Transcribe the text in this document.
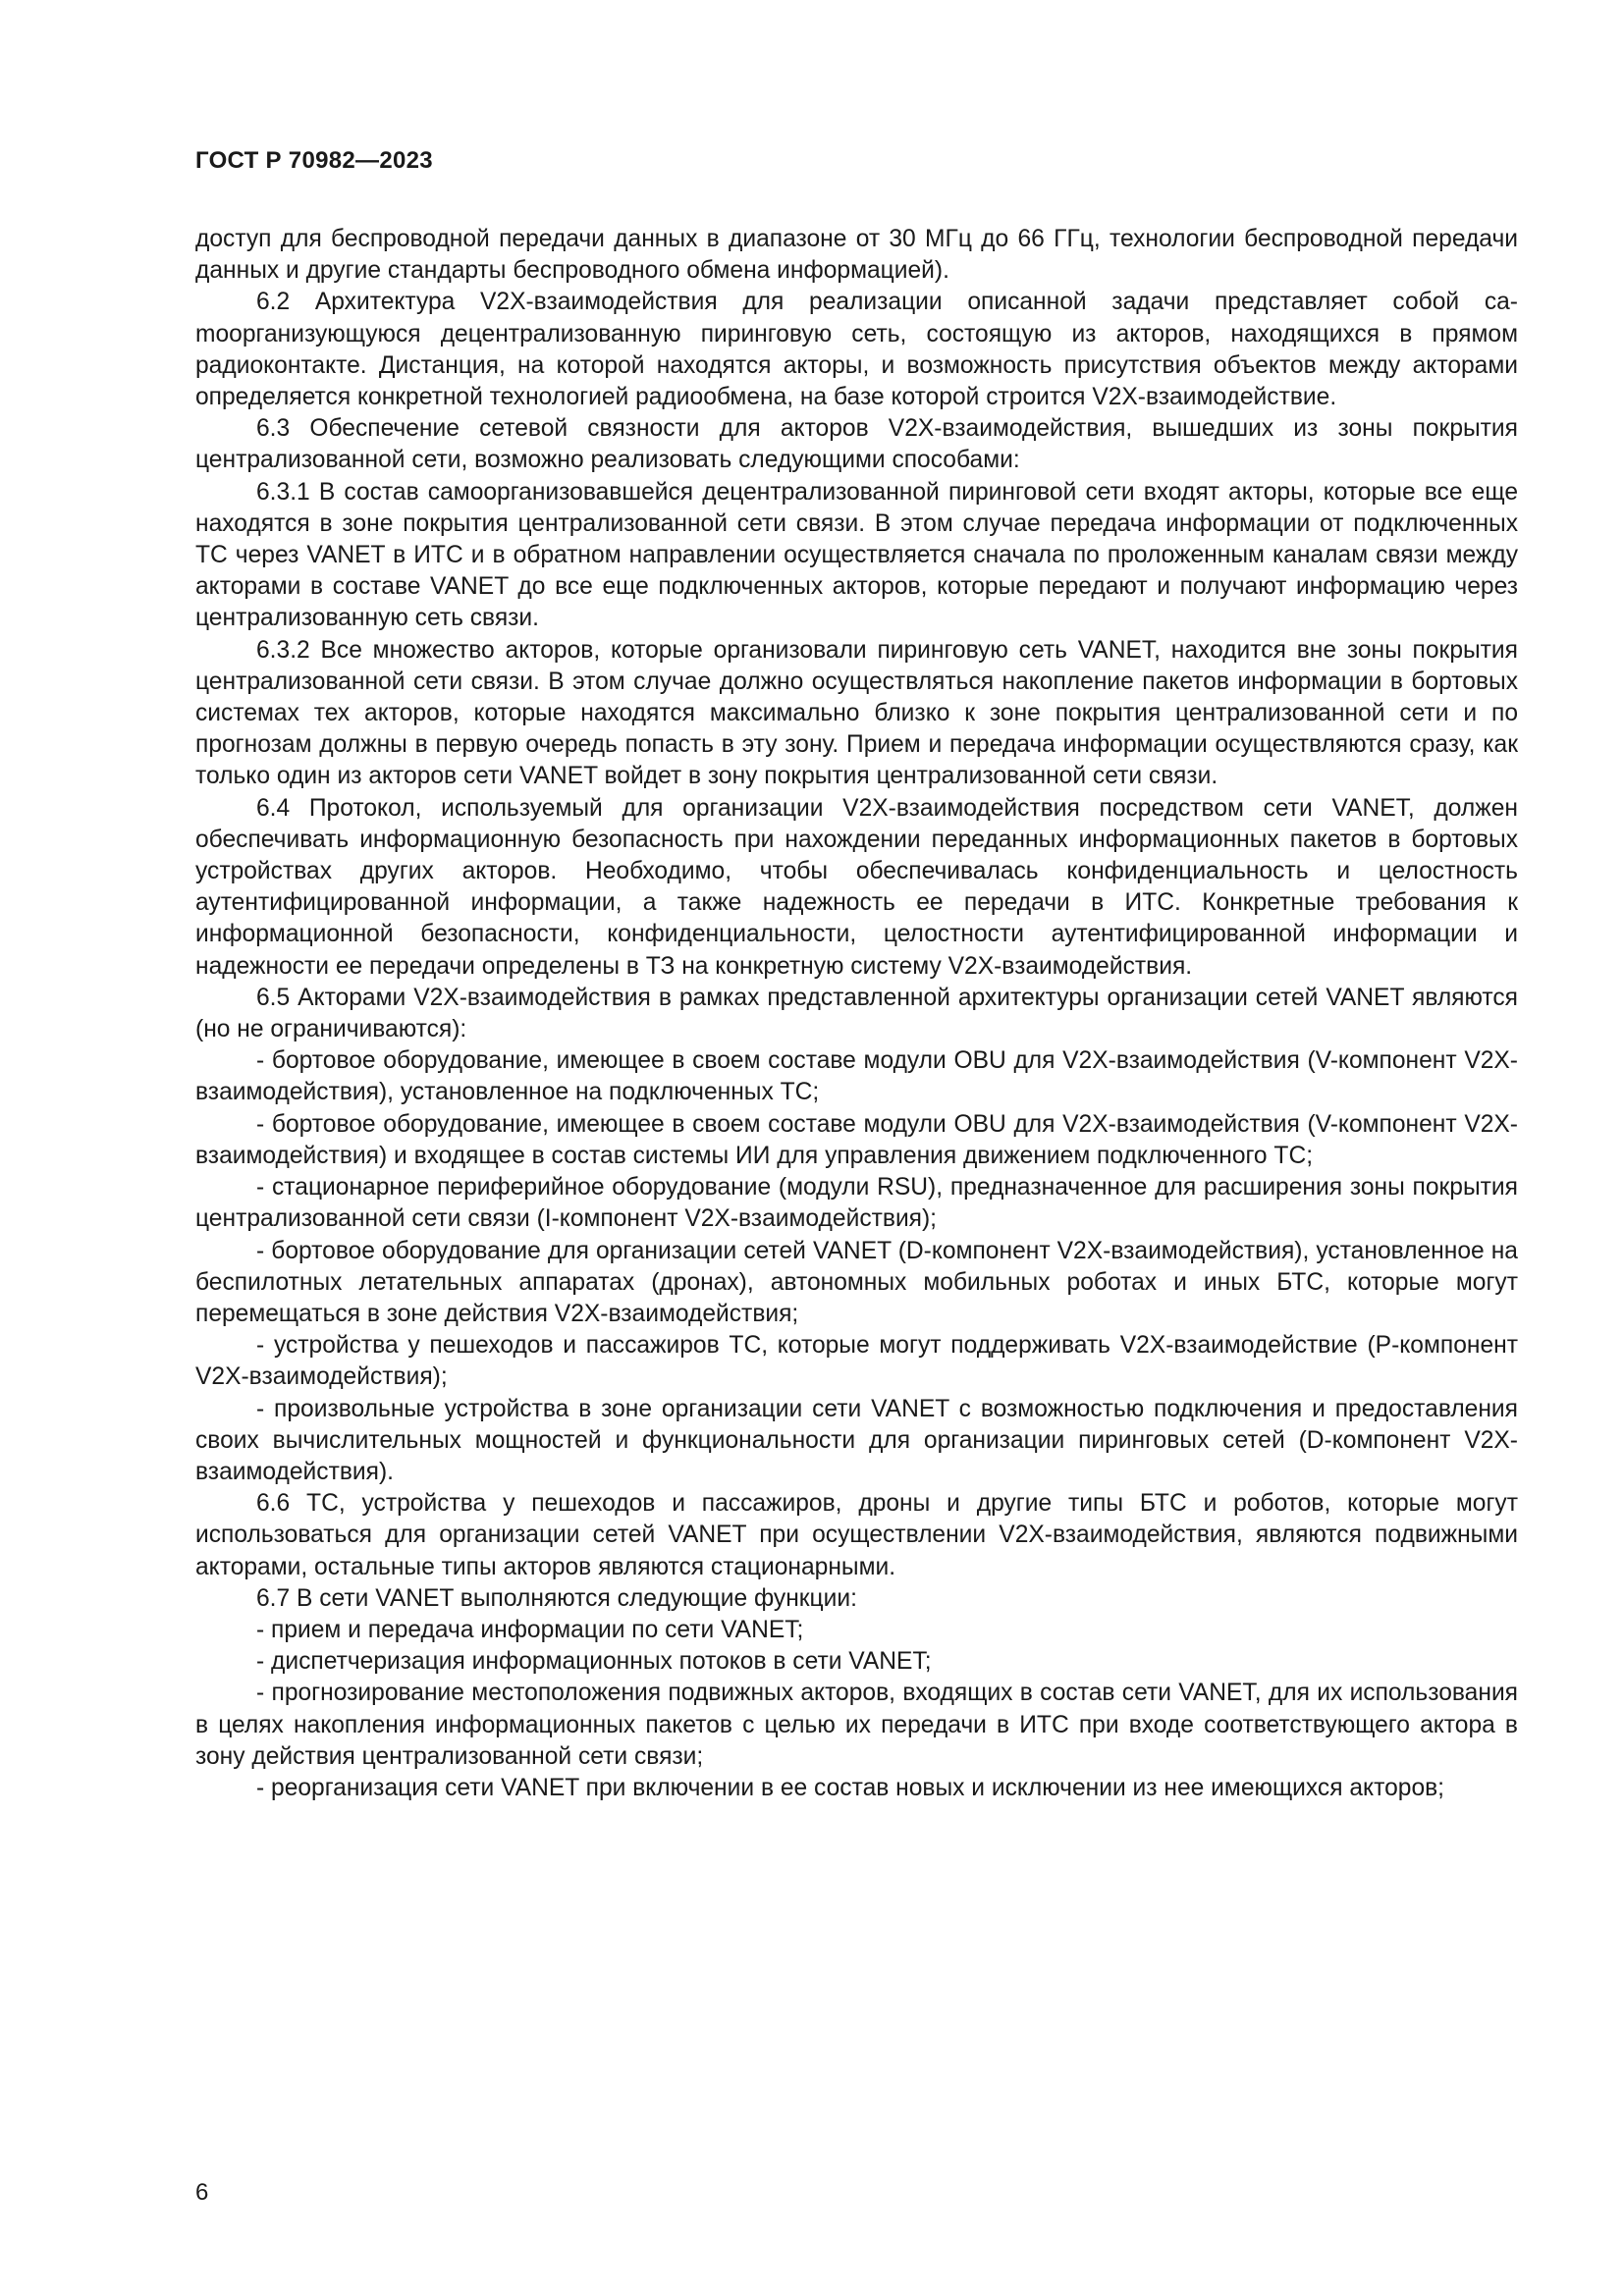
ГОСТ Р 70982—2023

доступ для беспроводной передачи данных в диапазоне от 30 МГц до 66 ГГц, технологии беспроводной передачи данных и другие стандарты беспроводного обмена информацией).

6.2 Архитектура V2X-взаимодействия для реализации описанной задачи представляет собой саmоорганизующуюся децентрализованную пиринговую сеть, состоящую из акторов, находящихся в прямом радиоконтакте. Дистанция, на которой находятся акторы, и возможность присутствия объектов между акторами определяется конкретной технологией радиообмена, на базе которой строится V2X-взаимодействие.

6.3 Обеспечение сетевой связности для акторов V2X-взаимодействия, вышедших из зоны покрытия централизованной сети, возможно реализовать следующими способами:

6.3.1 В состав самоорганизовавшейся децентрализованной пиринговой сети входят акторы, которые все еще находятся в зоне покрытия централизованной сети связи. В этом случае передача информации от подключенных ТС через VANET в ИТС и в обратном направлении осуществляется сначала по проложенным каналам связи между акторами в составе VANET до все еще подключенных акторов, которые передают и получают информацию через централизованную сеть связи.

6.3.2 Все множество акторов, которые организовали пиринговую сеть VANET, находится вне зоны покрытия централизованной сети связи. В этом случае должно осуществляться накопление пакетов информации в бортовых системах тех акторов, которые находятся максимально близко к зоне покрытия централизованной сети и по прогнозам должны в первую очередь попасть в эту зону. Прием и передача информации осуществляются сразу, как только один из акторов сети VANET войдет в зону покрытия централизованной сети связи.

6.4 Протокол, используемый для организации V2X-взаимодействия посредством сети VANET, должен обеспечивать информационную безопасность при нахождении переданных информационных пакетов в бортовых устройствах других акторов. Необходимо, чтобы обеспечивалась конфиденциальность и целостность аутентифицированной информации, а также надежность ее передачи в ИТС. Конкретные требования к информационной безопасности, конфиденциальности, целостности аутентифицированной информации и надежности ее передачи определены в ТЗ на конкретную систему V2X-взаимодействия.

6.5 Акторами V2X-взаимодействия в рамках представленной архитектуры организации сетей VANET являются (но не ограничиваются):

- бортовое оборудование, имеющее в своем составе модули OBU для V2X-взаимодействия (V-компонент V2X-взаимодействия), установленное на подключенных ТС;

- бортовое оборудование, имеющее в своем составе модули OBU для V2X-взаимодействия (V-компонент V2X-взаимодействия) и входящее в состав системы ИИ для управления движением подключенного ТС;

- стационарное периферийное оборудование (модули RSU), предназначенное для расширения зоны покрытия централизованной сети связи (I-компонент V2X-взаимодействия);

- бортовое оборудование для организации сетей VANET (D-компонент V2X-взаимодействия), установленное на беспилотных летательных аппаратах (дронах), автономных мобильных роботах и иных БТС, которые могут перемещаться в зоне действия V2X-взаимодействия;

- устройства у пешеходов и пассажиров ТС, которые могут поддерживать V2X-взаимодействие (P-компонент V2X-взаимодействия);

- произвольные устройства в зоне организации сети VANET с возможностью подключения и предоставления своих вычислительных мощностей и функциональности для организации пиринговых сетей (D-компонент V2X-взаимодействия).

6.6 ТС, устройства у пешеходов и пассажиров, дроны и другие типы БТС и роботов, которые могут использоваться для организации сетей VANET при осуществлении V2X-взаимодействия, являются подвижными акторами, остальные типы акторов являются стационарными.

6.7 В сети VANET выполняются следующие функции:

- прием и передача информации по сети VANET;

- диспетчеризация информационных потоков в сети VANET;

- прогнозирование местоположения подвижных акторов, входящих в состав сети VANET, для их использования в целях накопления информационных пакетов с целью их передачи в ИТС при входе соответствующего актора в зону действия централизованной сети связи;

- реорганизация сети VANET при включении в ее состав новых и исключении из нее имеющихся акторов;

6
